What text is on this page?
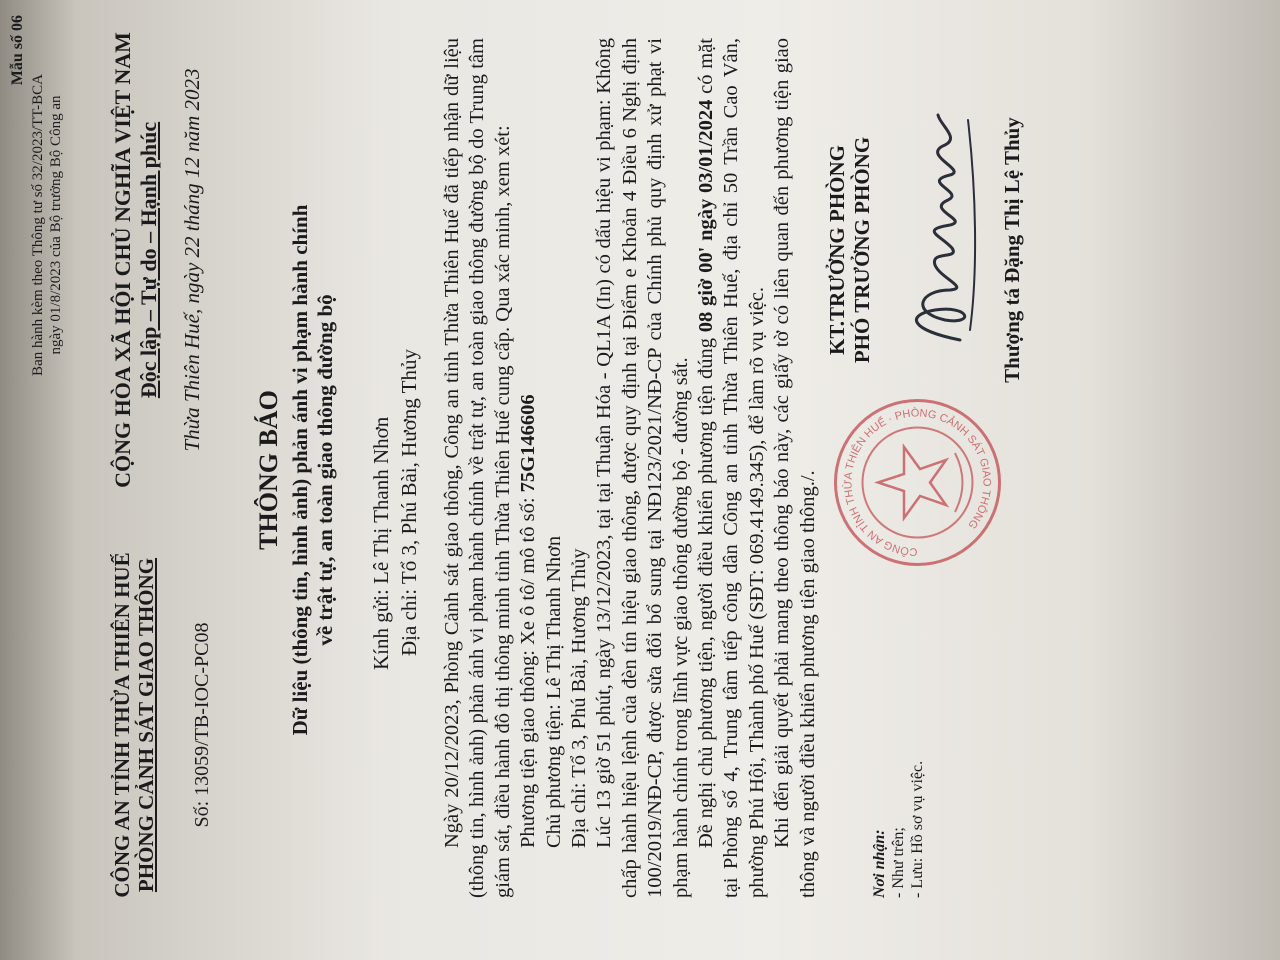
Mẫu số 06
Ban hành kèm theo Thông tư số 32/2023/TT-BCA ngày 01/8/2023 của Bộ trưởng Bộ Công an
CÔNG AN TỈNH THỪA THIÊN HUẾ PHÒNG CẢNH SÁT GIAO THÔNG
CỘNG HÒA XÃ HỘI CHỦ NGHĨA VIỆT NAM Độc lập – Tự do – Hạnh phúc
Số: 13059/TB-IOC-PC08
Thừa Thiên Huế, ngày 22 tháng 12 năm 2023
THÔNG BÁO Dữ liệu (thông tin, hình ảnh) phản ánh vi phạm hành chính về trật tự, an toàn giao thông đường bộ Kính gửi: Lê Thị Thanh Nhơn Địa chỉ: Tổ 3, Phú Bài, Hương Thủy Ngày 20/12/2023, Phòng Cảnh sát giao thông, Công an tỉnh Thừa Thiên Huế đã tiếp nhận dữ liệu (thông tin, hình ảnh) phản ánh vi phạm hành chính về trật tự, an toàn giao thông đường bộ do Trung tâm giám sát, điều hành đô thị thông minh tỉnh Thừa Thiên Huế cung cấp. Qua xác minh, xem xét: Phương tiện giao thông: Xe ô tô/ mô tô số: 75G146606

Chủ phương tiện: Lê Thị Thanh Nhơn Địa chỉ: Tổ 3, Phú Bài, Hương Thủy Lúc 13 giờ 51 phút, ngày 13/12/2023, tại tại Thuận Hóa - QL1A (In) có dấu hiệu vi phạm: Không chấp hành hiệu lệnh của đèn tín hiệu giao thông, được quy định tại Điểm e Khoản 4 Điều 6 Nghị định 100/2019/NĐ-CP, được sửa đổi bổ sung tại NĐ123/2021/NĐ-CP của Chính phủ quy định xử phạt vi phạm hành chính trong lĩnh vực giao thông đường bộ - đường sắt. Đề nghị chủ phương tiện, người điều khiển phương tiện đúng 08 giờ 00' ngày 03/01/2024 có mặt tại Phòng số 4, Trung tâm tiếp công dân Công an tỉnh Thừa Thiên Huế, địa chỉ 50 Trần Cao Vân, phường Phú Hội, Thành phố Huế (SĐT: 069.4149.345), để làm rõ vụ việc. Khi đến giải quyết phải mang theo thông báo này, các giấy tờ có liên quan đến phương tiện giao thông và người điều khiển phương tiện giao thông./.	Nơi nhận: - Như trên; - Lưu: Hồ sơ vụ việc.
CÔNG AN TỈNH THỪA THIÊN HUẾ · PHÒNG CẢNH SÁT GIAO THÔNG
KT.TRƯỞNG PHÒNG PHÓ TRƯỞNG PHÒNG	Thượng tá Đặng Thị Lệ Thủy
